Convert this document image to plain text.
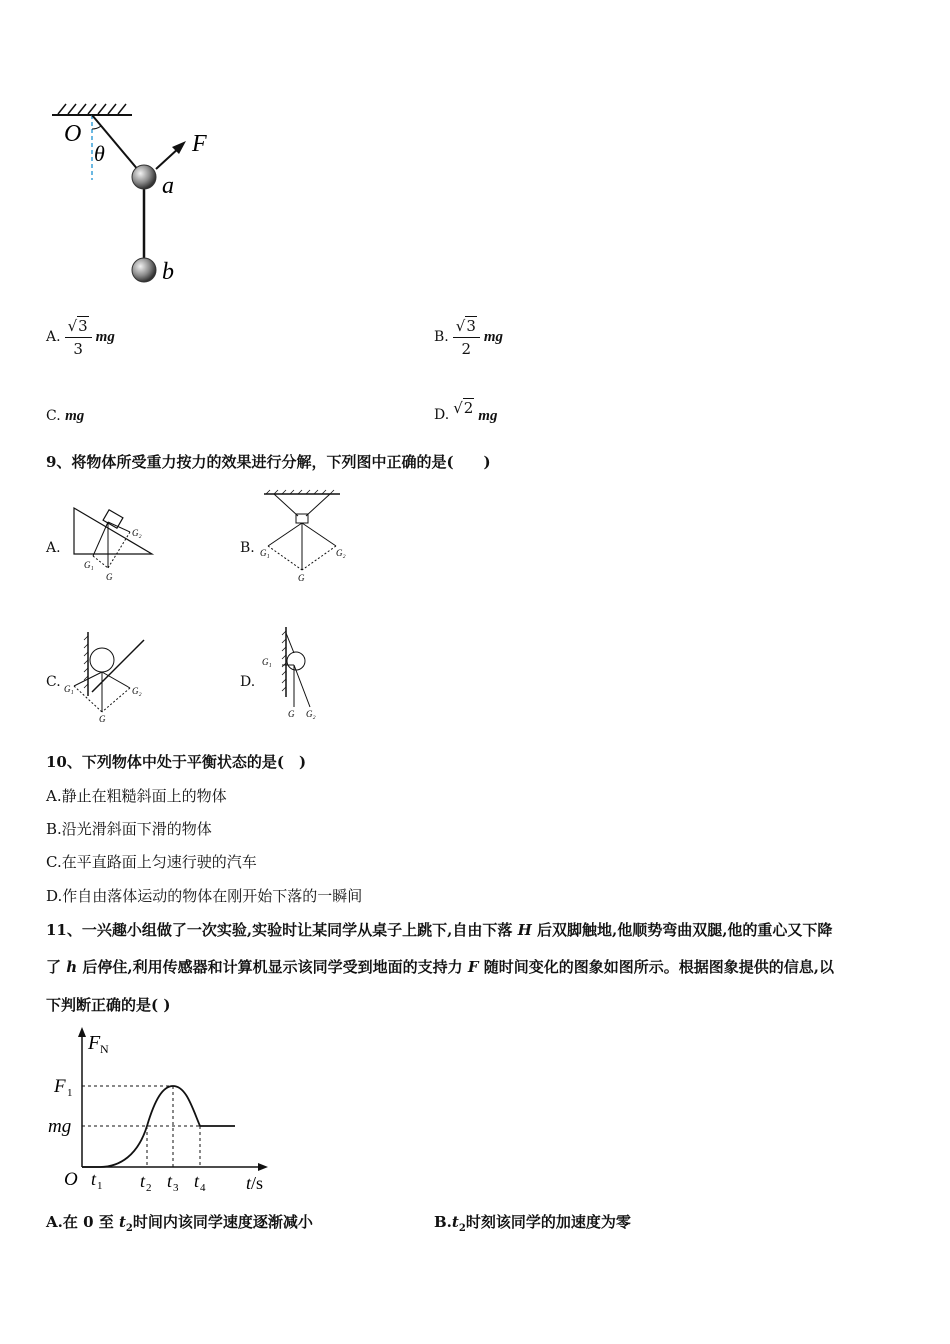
O
θ	F
a
b
A. $\frac{√3}{3}$ mg	B. $\frac{√3}{2}$ mg
C. mg	D. √2 mg
9、将物体所受重力按力的效果进行分解，下列图中正确的是(　　)
A.
G₂
G₁
G
B. G₁	G₂
G
C. G₁	G₂
G
D.
G₁
G G₂
10、下列物体中处于平衡状态的是(　)
A.静止在粗糙斜面上的物体
B.沿光滑斜面下滑的物体
C.在平直路面上匀速行驶的汽车
D.作自由落体运动的物体在刚开始下落的一瞬间
11、一兴趣小组做了一次实验,实验时让某同学从桌子上跳下,自由下落 H 后双脚触地,他顺势弯曲双腿,他的重心又下降
了 h 后停住,利用传感器和计算机显示该同学受到地面的支持力 F 随时间变化的图象如图所示。根据图象提供的信息,以
下判断正确的是( )
F N
F 1
mg
O t 1 t 2 t 3 t 4 t/s
A.在 0 至 $t_2$时间内该同学速度逐渐减小	$B.t_2$时刻该同学的加速度为零
